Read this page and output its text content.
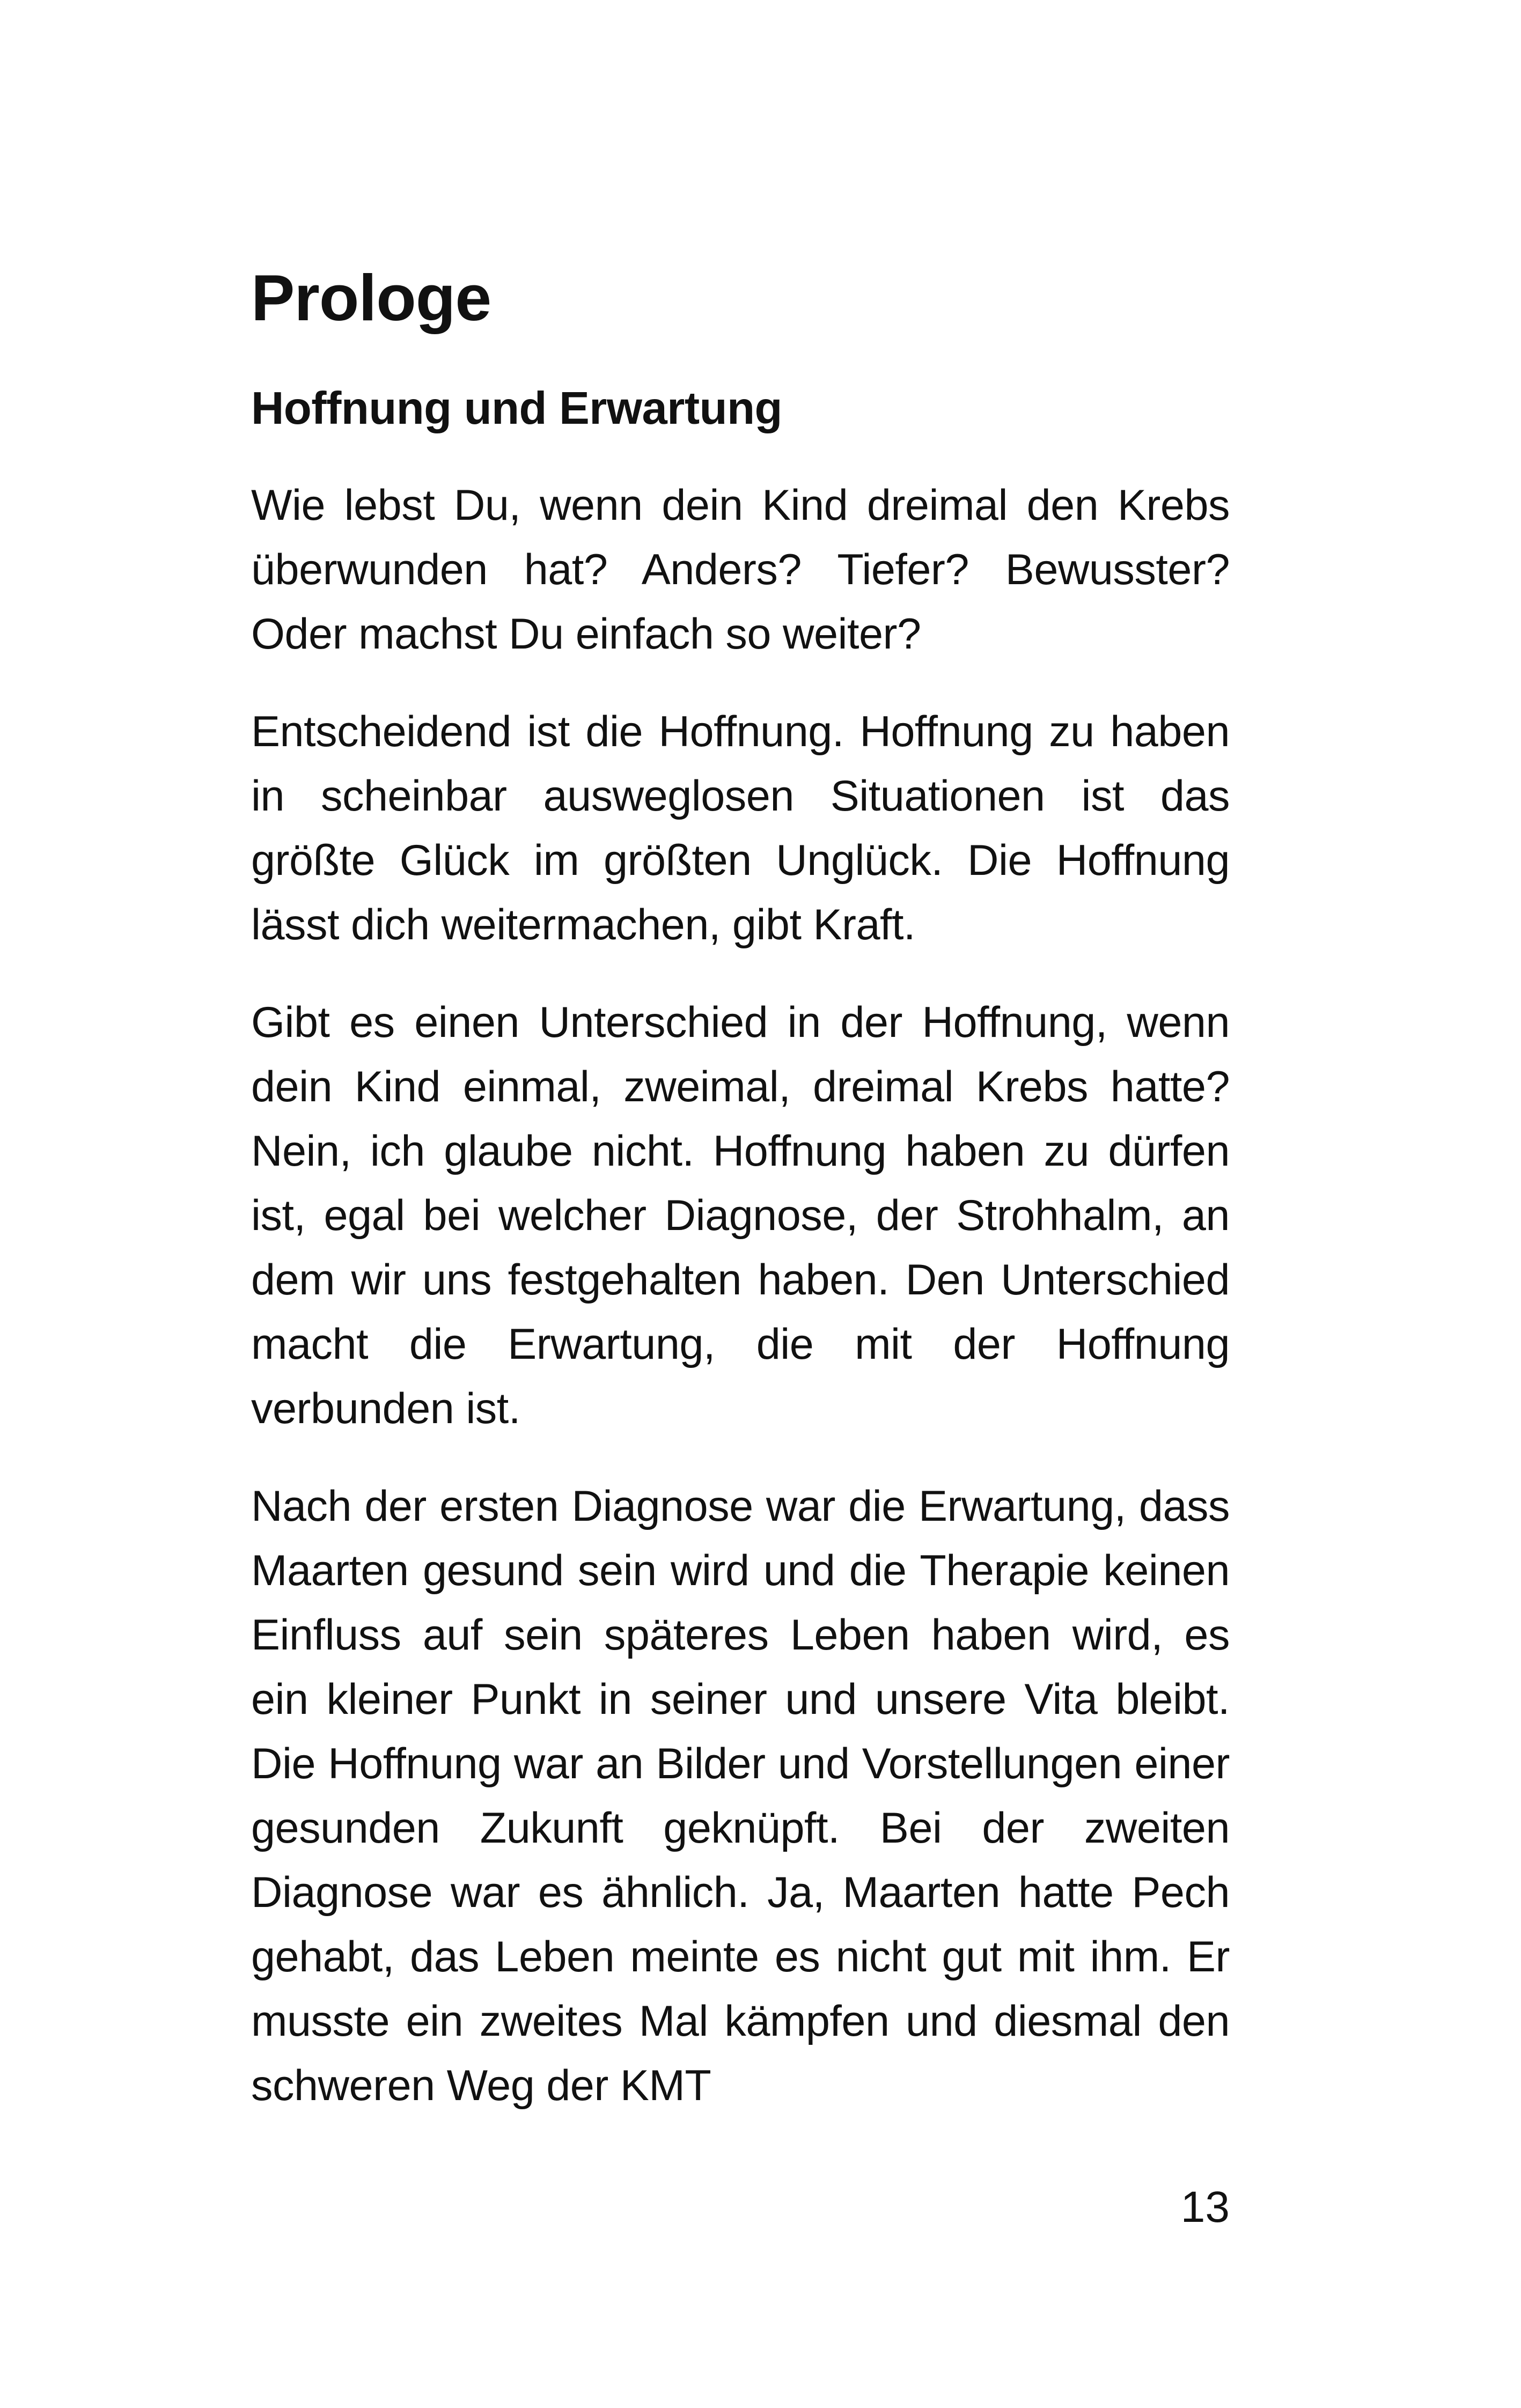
Prologe
Hoffnung und Erwartung

Wie lebst Du, wenn dein Kind dreimal den Krebs überwunden hat? Anders? Tiefer? Bewusster? Oder machst Du einfach so weiter?

Entscheidend ist die Hoffnung. Hoffnung zu haben in scheinbar ausweglosen Situationen ist das größte Glück im größten Unglück. Die Hoffnung lässt dich weitermachen, gibt Kraft.

Gibt es einen Unterschied in der Hoffnung, wenn dein Kind einmal, zweimal, dreimal Krebs hatte? Nein, ich glaube nicht. Hoffnung haben zu dürfen ist, egal bei welcher Diagnose, der Strohhalm, an dem wir uns festgehalten haben. Den Unterschied macht die Erwartung, die mit der Hoffnung verbunden ist.

Nach der ersten Diagnose war die Erwartung, dass Maarten gesund sein wird und die Therapie keinen Einfluss auf sein späteres Leben haben wird, es ein kleiner Punkt in seiner und unsere Vita bleibt. Die Hoffnung war an Bilder und Vorstellungen einer gesunden Zukunft geknüpft. Bei der zweiten Diagnose war es ähnlich. Ja, Maarten hatte Pech gehabt, das Leben meinte es nicht gut mit ihm. Er musste ein zweites Mal kämpfen und diesmal den schweren Weg der KMT

13
